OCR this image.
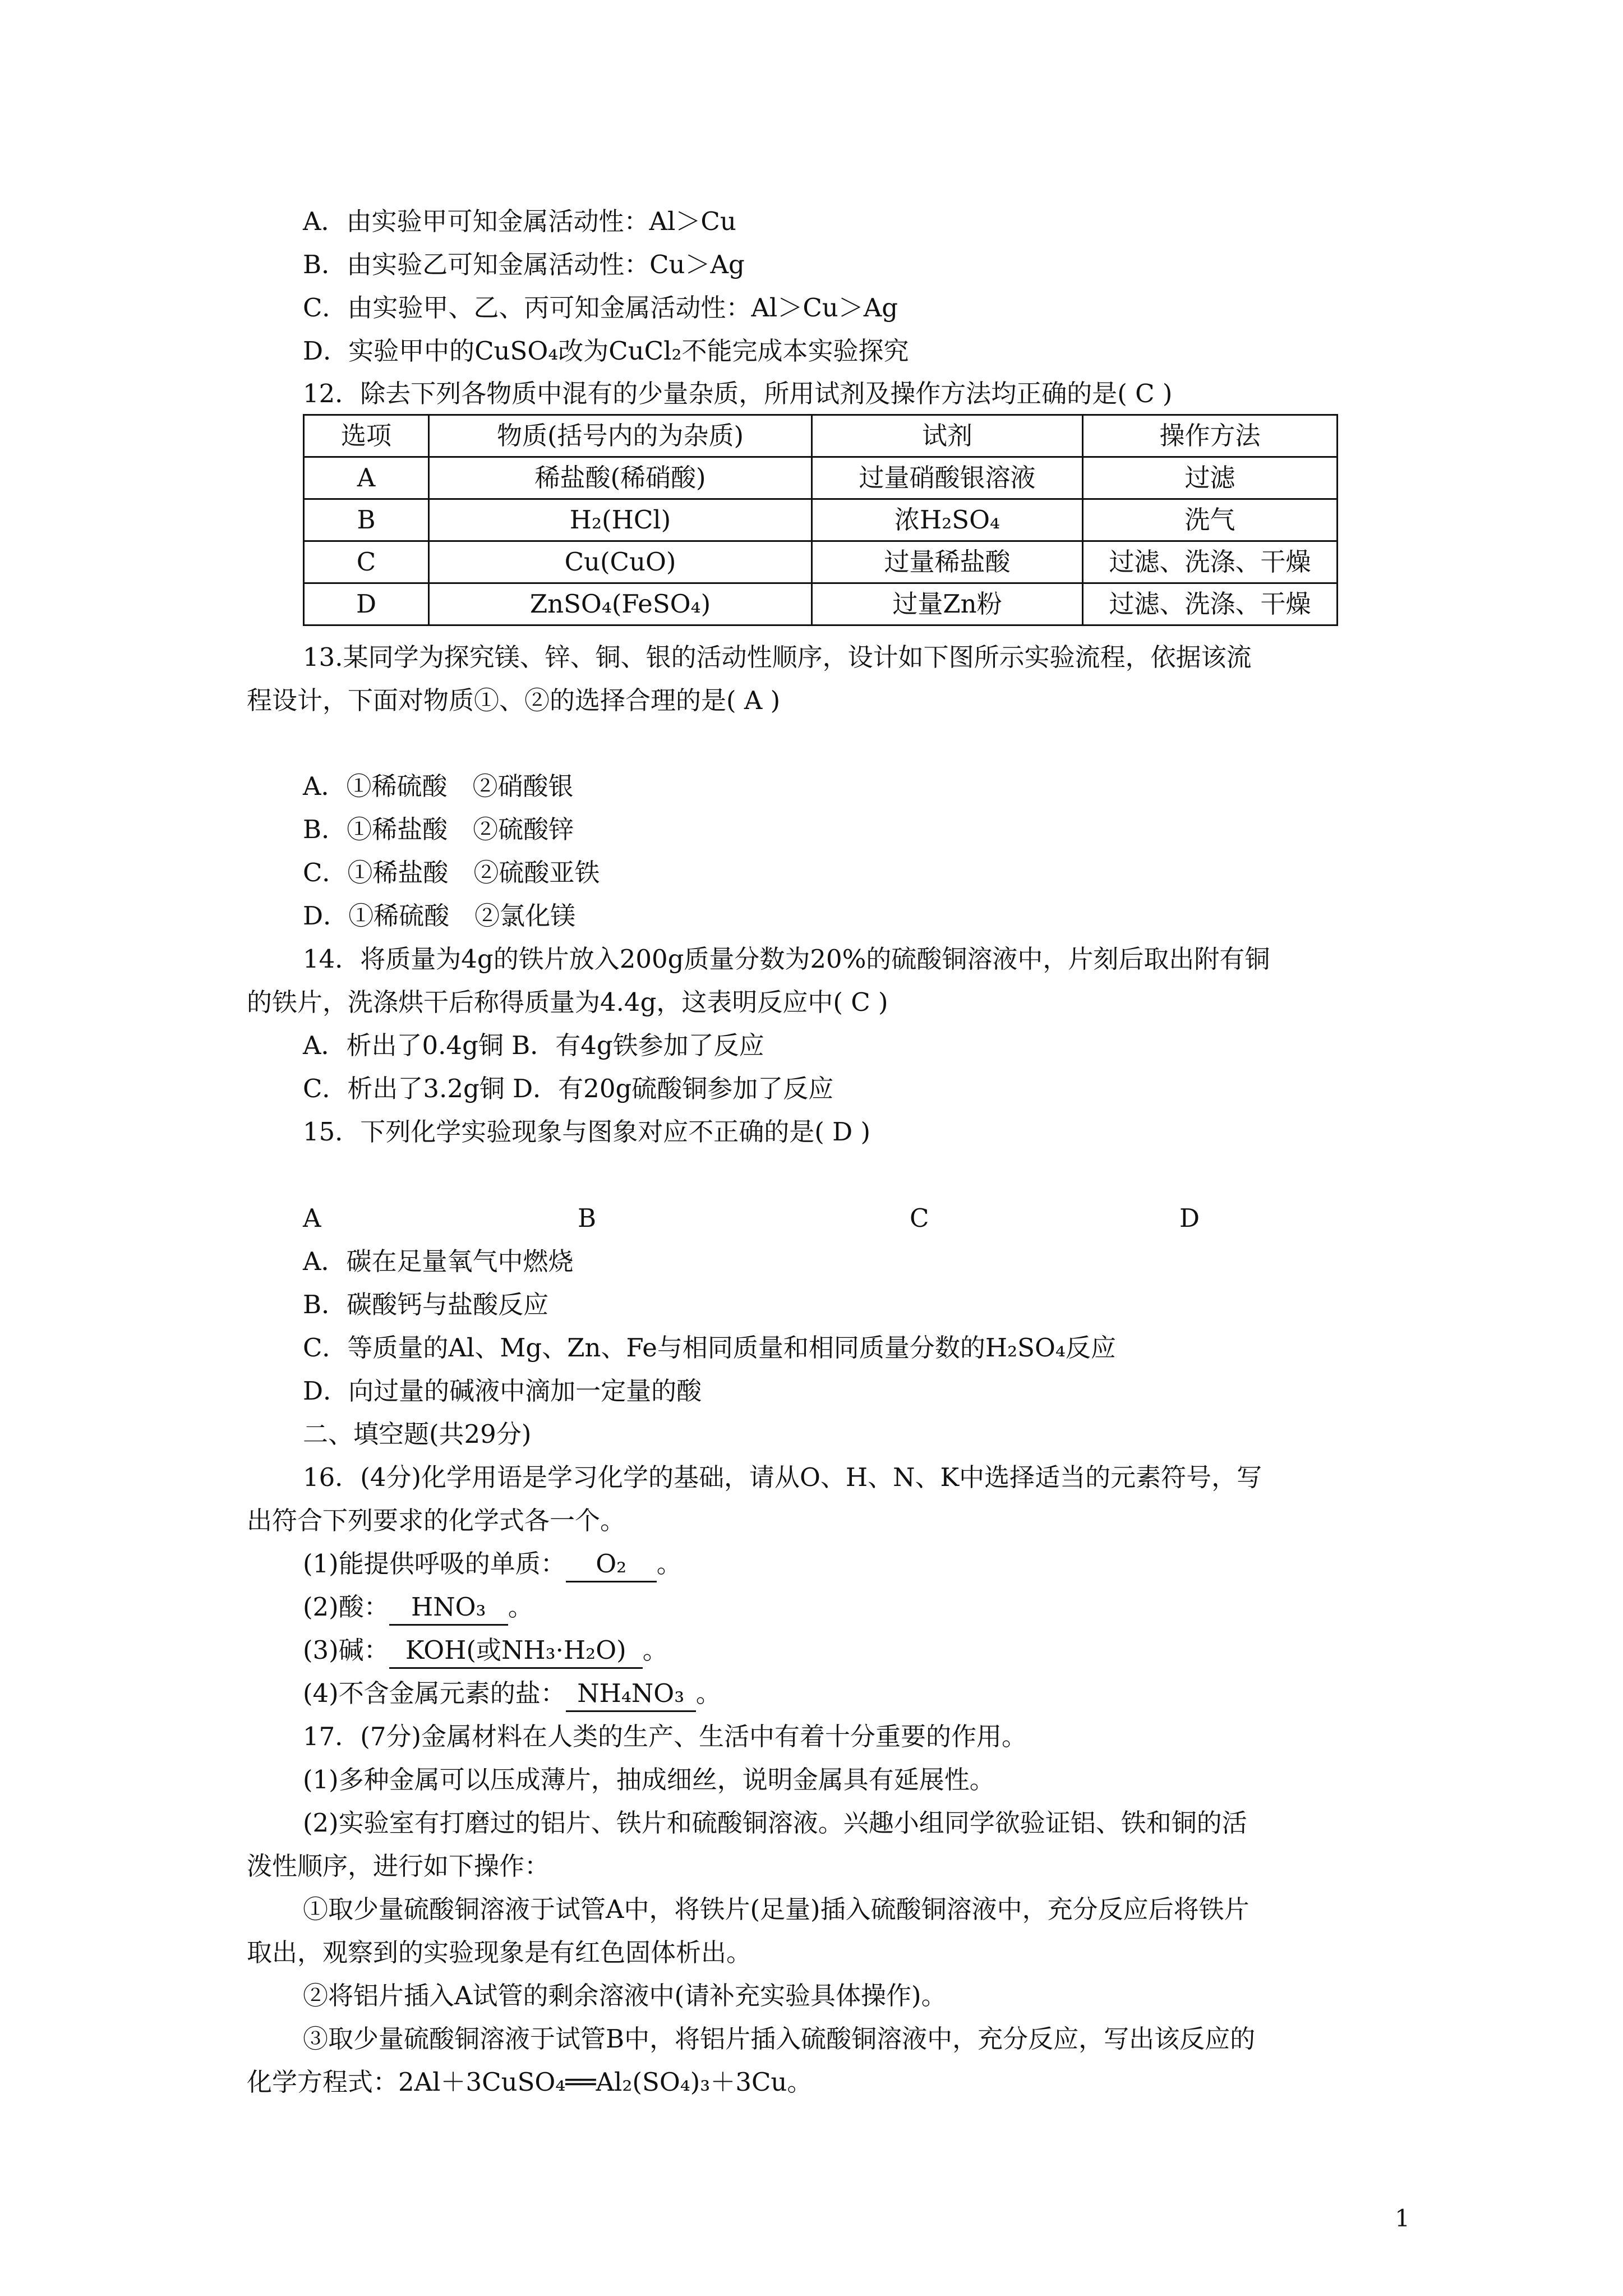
A．由实验甲可知金属活动性：Al＞Cu
B．由实验乙可知金属活动性：Cu＞Ag
C．由实验甲、乙、丙可知金属活动性：Al＞Cu＞Ag
D．实验甲中的CuSO₄改为CuCl₂不能完成本实验探究
12．除去下列各物质中混有的少量杂质，所用试剂及操作方法均正确的是( C )
选项	物质(括号内的为杂质)	试剂	操作方法
A	稀盐酸(稀硝酸)	过量硝酸银溶液	过滤
B	H₂(HCl)	浓H₂SO₄	洗气
C	Cu(CuO)	过量稀盐酸	过滤、洗涤、干燥
D	ZnSO₄(FeSO₄)	过量Zn粉	过滤、洗涤、干燥
13.某同学为探究镁、锌、铜、银的活动性顺序，设计如下图所示实验流程，依据该流
程设计，下面对物质①、②的选择合理的是( A )
A．①稀硫酸　②硝酸银
B．①稀盐酸　②硫酸锌
C．①稀盐酸　②硫酸亚铁
D．①稀硫酸　②氯化镁
14．将质量为4g的铁片放入200g质量分数为20%的硫酸铜溶液中，片刻后取出附有铜
的铁片，洗涤烘干后称得质量为4.4g，这表明反应中( C )
A．析出了0.4g铜 B．有4g铁参加了反应
C．析出了3.2g铜 D．有20g硫酸铜参加了反应
15．下列化学实验现象与图象对应不正确的是( D )
A	B	C	D
A．碳在足量氧气中燃烧
B．碳酸钙与盐酸反应
C．等质量的Al、Mg、Zn、Fe与相同质量和相同质量分数的H₂SO₄反应
D．向过量的碱液中滴加一定量的酸
二、填空题(共29分)
16．(4分)化学用语是学习化学的基础，请从O、H、N、K中选择适当的元素符号，写
出符合下列要求的化学式各一个。
(1)能提供呼吸的单质： O₂ 。
(2)酸： HNO₃ 。
(3)碱： KOH(或NH₃·H₂O) 。
(4)不含金属元素的盐： NH₄NO₃ 。
17．(7分)金属材料在人类的生产、生活中有着十分重要的作用。
(1)多种金属可以压成薄片，抽成细丝，说明金属具有延展性。
(2)实验室有打磨过的铝片、铁片和硫酸铜溶液。兴趣小组同学欲验证铝、铁和铜的活
泼性顺序，进行如下操作：
①取少量硫酸铜溶液于试管A中，将铁片(足量)插入硫酸铜溶液中，充分反应后将铁片
取出，观察到的实验现象是有红色固体析出。
②将铝片插入A试管的剩余溶液中(请补充实验具体操作)。
③取少量硫酸铜溶液于试管B中，将铝片插入硫酸铜溶液中，充分反应，写出该反应的
化学方程式：2Al＋3CuSO₄══Al₂(SO₄)₃＋3Cu。
1
